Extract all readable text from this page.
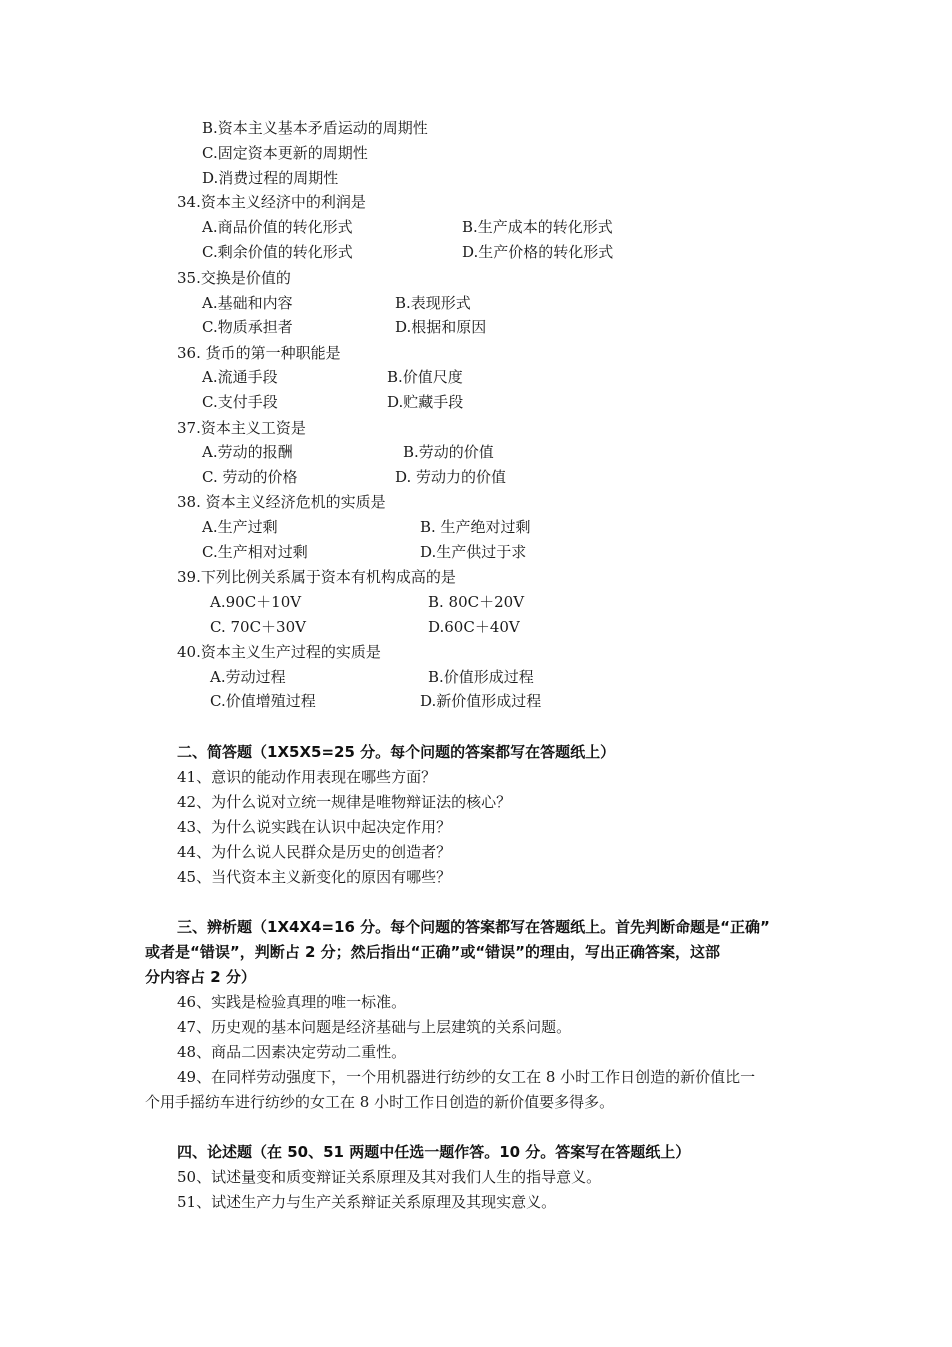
B.资本主义基本矛盾运动的周期性
C.固定资本更新的周期性
D.消费过程的周期性
34.资本主义经济中的利润是
A.商品价值的转化形式	B.生产成本的转化形式
C.剩余价值的转化形式	D.生产价格的转化形式
35.交换是价值的
A.基础和内容	B.表现形式
C.物质承担者	D.根据和原因
36. 货币的第一种职能是
A.流通手段	B.价值尺度
C.支付手段	D.贮藏手段
37.资本主义工资是
A.劳动的报酬	B.劳动的价值
C. 劳动的价格	D. 劳动力的价值
38. 资本主义经济危机的实质是
A.生产过剩	B. 生产绝对过剩
C.生产相对过剩	D.生产供过于求
39.下列比例关系属于资本有机构成高的是
A.90C＋10V	B. 80C＋20V
C. 70C＋30V	D.60C＋40V
40.资本主义生产过程的实质是
A.劳动过程	B.价值形成过程
C.价值增殖过程	D.新价值形成过程
二、简答题（1X5X5=25 分。每个问题的答案都写在答题纸上）
41、意识的能动作用表现在哪些方面？
42、为什么说对立统一规律是唯物辩证法的核心？
43、为什么说实践在认识中起决定作用？
44、为什么说人民群众是历史的创造者？
45、当代资本主义新变化的原因有哪些？
三、辨析题（1X4X4=16 分。每个问题的答案都写在答题纸上。首先判断命题是“正确”
或者是“错误”，判断占 2 分；然后指出“正确”或“错误”的理由，写出正确答案，这部
分内容占 2 分）
46、实践是检验真理的唯一标准。
47、历史观的基本问题是经济基础与上层建筑的关系问题。
48、商品二因素决定劳动二重性。
49、在同样劳动强度下，一个用机器进行纺纱的女工在 8 小时工作日创造的新价值比一
个用手摇纺车进行纺纱的女工在 8 小时工作日创造的新价值要多得多。
四、论述题（在 50、51 两题中任选一题作答。10 分。答案写在答题纸上）
50、试述量变和质变辩证关系原理及其对我们人生的指导意义。
51、试述生产力与生产关系辩证关系原理及其现实意义。
